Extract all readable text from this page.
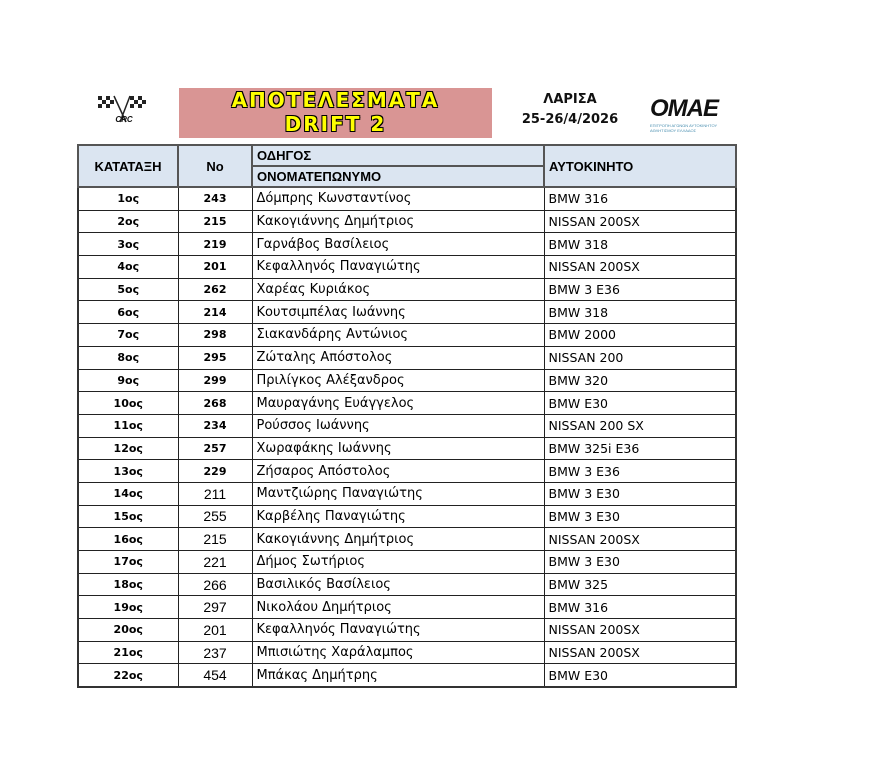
CRC
ΑΠΟΤΕΛΕΣΜΑΤΑ
DRIFT 2
ΛΑΡΙΣΑ
25-26/4/2026	OMAE
ΕΠΙΤΡΟΠΗ ΑΓΩΝΩΝ ΑΥΤΟΚΙΝΗΤΟΥ ΑΘΛΗΤΙΣΜΟΥ ΕΛΛΑΔΟΣ
ΚΑΤΑΤΑΞΗ	No	ΟΔΗΓΟΣ	ΑΥΤΟΚΙΝΗΤΟ
		ΟΝΟΜΑΤΕΠΩΝΥΜΟ	
1ος	243	Δόμπρης Κωνσταντίνος	BMW 316
2ος	215	Κακογιάννης Δημήτριος	NISSAN 200SX
3ος	219	Γαρνάβος Βασίλειος	BMW 318
4ος	201	Κεφαλληνός Παναγιώτης	NISSAN 200SX
5ος	262	Χαρέας Κυριάκος	BMW 3 E36
6ος	214	Κουτσιμπέλας Ιωάννης	BMW 318
7ος	298	Σιακανδάρης Αντώνιος	BMW 2000
8ος	295	Ζώταλης Απόστολος	NISSAN 200
9ος	299	Πριλίγκος Αλέξανδρος	BMW 320
10ος	268	Μαυραγάνης Ευάγγελος	BMW E30
11ος	234	Ρούσσος Ιωάννης	NISSAN 200 SX
12ος	257	Χωραφάκης Ιωάννης	BMW 325i E36
13ος	229	Ζήσαρος Απόστολος	BMW 3 E36
14ος	211	Μαντζιώρης Παναγιώτης	BMW 3 E30
15ος	255	Καρβέλης Παναγιώτης	BMW 3 E30
16ος	215	Κακογιάννης Δημήτριος	NISSAN 200SX
17ος	221	Δήμος Σωτήριος	BMW 3 E30
18ος	266	Βασιλικός Βασίλειος	BMW 325
19ος	297	Νικολάου Δημήτριος	BMW 316
20ος	201	Κεφαλληνός Παναγιώτης	NISSAN 200SX
21ος	237	Μπισιώτης Χαράλαμπος	NISSAN 200SX
22ος	454	Μπάκας Δημήτρης	BMW E30
